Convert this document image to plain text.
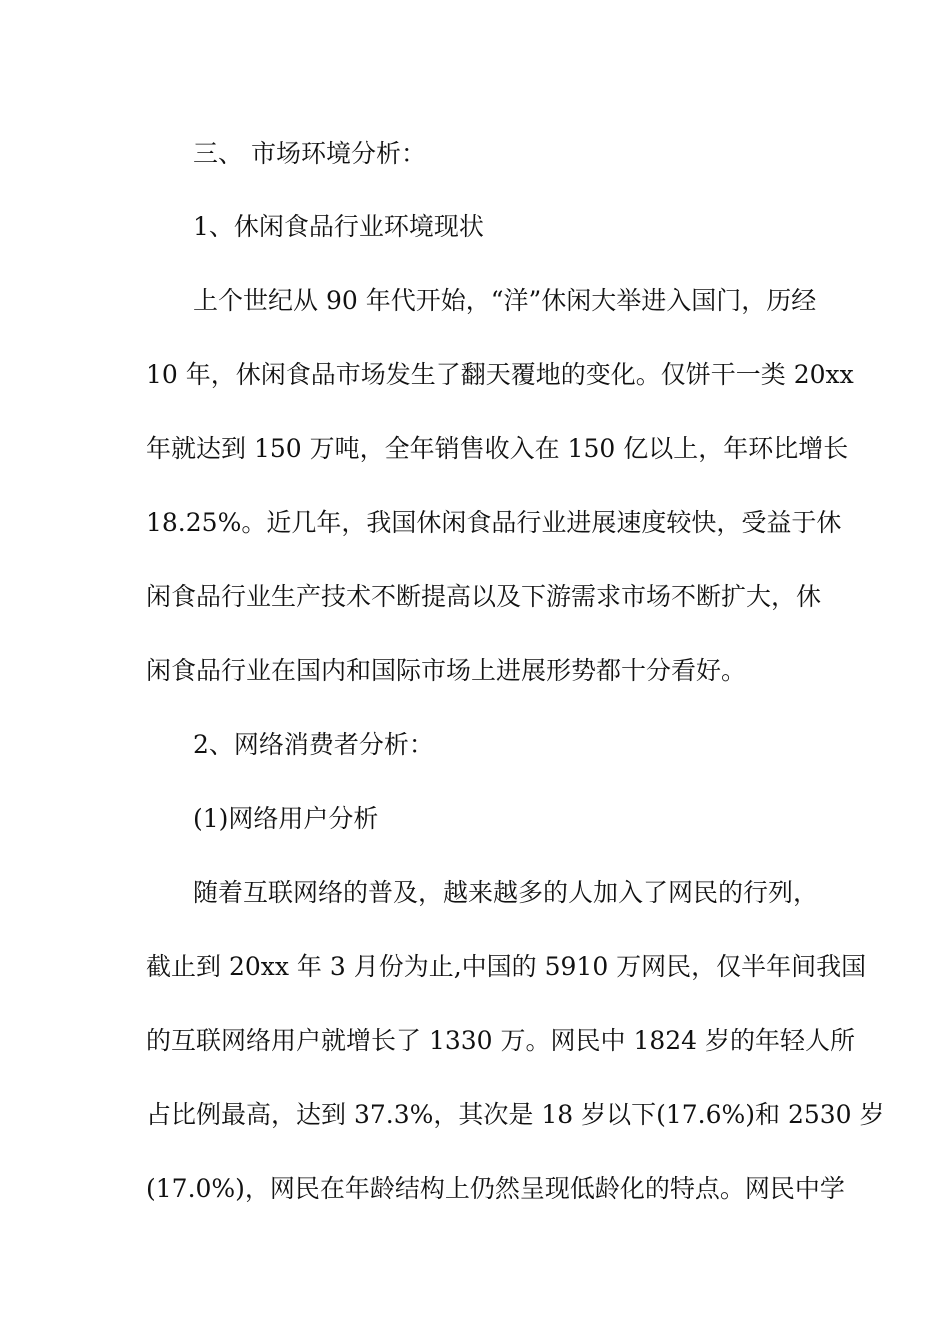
三、 市场环境分析：
1、休闲食品行业环境现状
上个世纪从 90 年代开始，“洋”休闲大举进入国门，历经
10 年，休闲食品市场发生了翻天覆地的变化。仅饼干一类 20xx
年就达到 150 万吨，全年销售收入在 150 亿以上，年环比增长
18.25%。近几年，我国休闲食品行业进展速度较快，受益于休
闲食品行业生产技术不断提高以及下游需求市场不断扩大，休
闲食品行业在国内和国际市场上进展形势都十分看好。
2、网络消费者分析：
(1)网络用户分析
随着互联网络的普及，越来越多的人加入了网民的行列，
截止到 20xx 年 3 月份为止,中国的 5910 万网民，仅半年间我国
的互联网络用户就增长了 1330 万。网民中 1824 岁的年轻人所
占比例最高，达到 37.3%，其次是 18 岁以下(17.6%)和 2530 岁
(17.0%)，网民在年龄结构上仍然呈现低龄化的特点。网民中学
